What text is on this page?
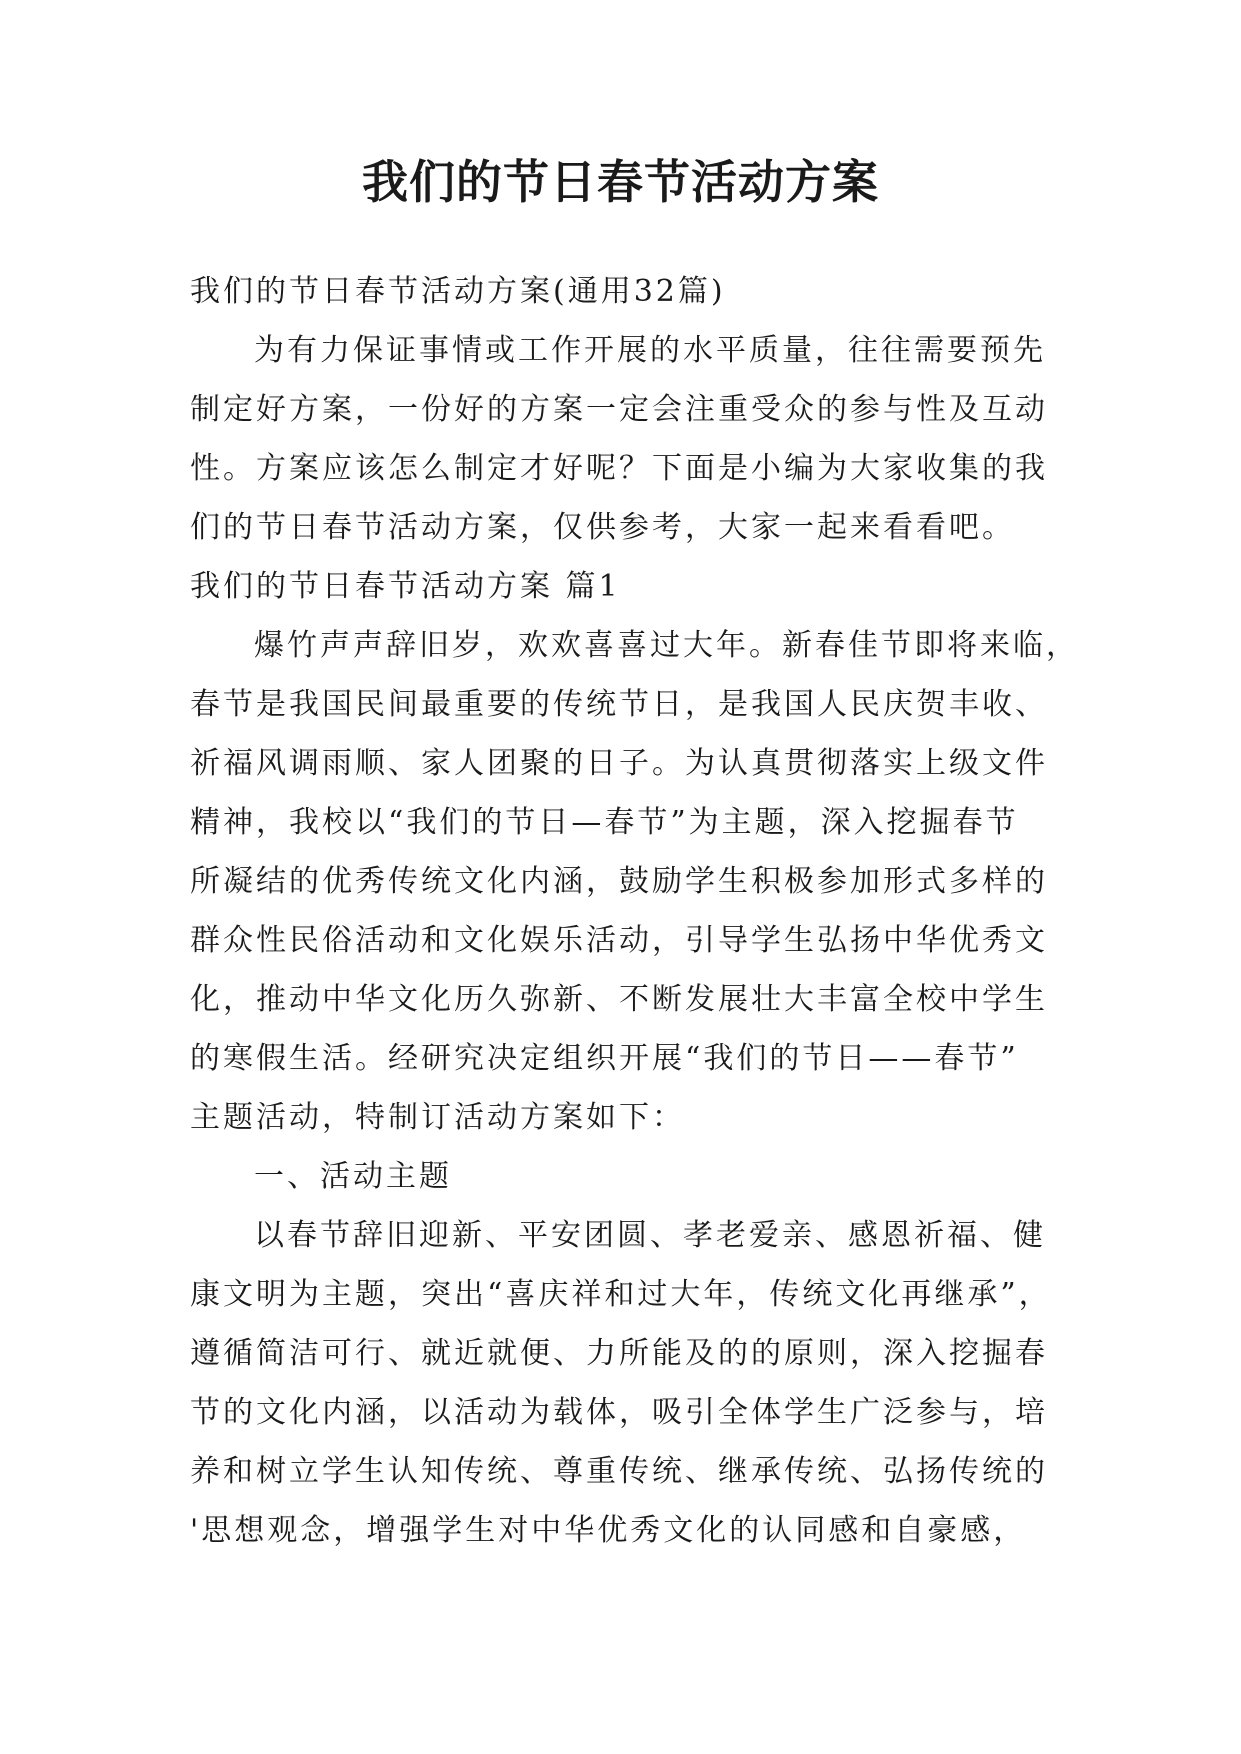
我们的节日春节活动方案
我们的节日春节活动方案(通用32篇)
为有力保证事情或工作开展的水平质量，往往需要预先
制定好方案，一份好的方案一定会注重受众的参与性及互动
性。方案应该怎么制定才好呢？下面是小编为大家收集的我
们的节日春节活动方案，仅供参考，大家一起来看看吧。
我们的节日春节活动方案 篇1
爆竹声声辞旧岁，欢欢喜喜过大年。新春佳节即将来临，
春节是我国民间最重要的传统节日，是我国人民庆贺丰收、
祈福风调雨顺、家人团聚的日子。为认真贯彻落实上级文件
精神，我校以“我们的节日—春节”为主题，深入挖掘春节
所凝结的优秀传统文化内涵，鼓励学生积极参加形式多样的
群众性民俗活动和文化娱乐活动，引导学生弘扬中华优秀文
化，推动中华文化历久弥新、不断发展壮大丰富全校中学生
的寒假生活。经研究决定组织开展“我们的节日——春节”
主题活动，特制订活动方案如下：
一、活动主题
以春节辞旧迎新、平安团圆、孝老爱亲、感恩祈福、健
康文明为主题，突出“喜庆祥和过大年，传统文化再继承”，
遵循简洁可行、就近就便、力所能及的的原则，深入挖掘春
节的文化内涵，以活动为载体，吸引全体学生广泛参与，培
养和树立学生认知传统、尊重传统、继承传统、弘扬传统的
'思想观念，增强学生对中华优秀文化的认同感和自豪感，
